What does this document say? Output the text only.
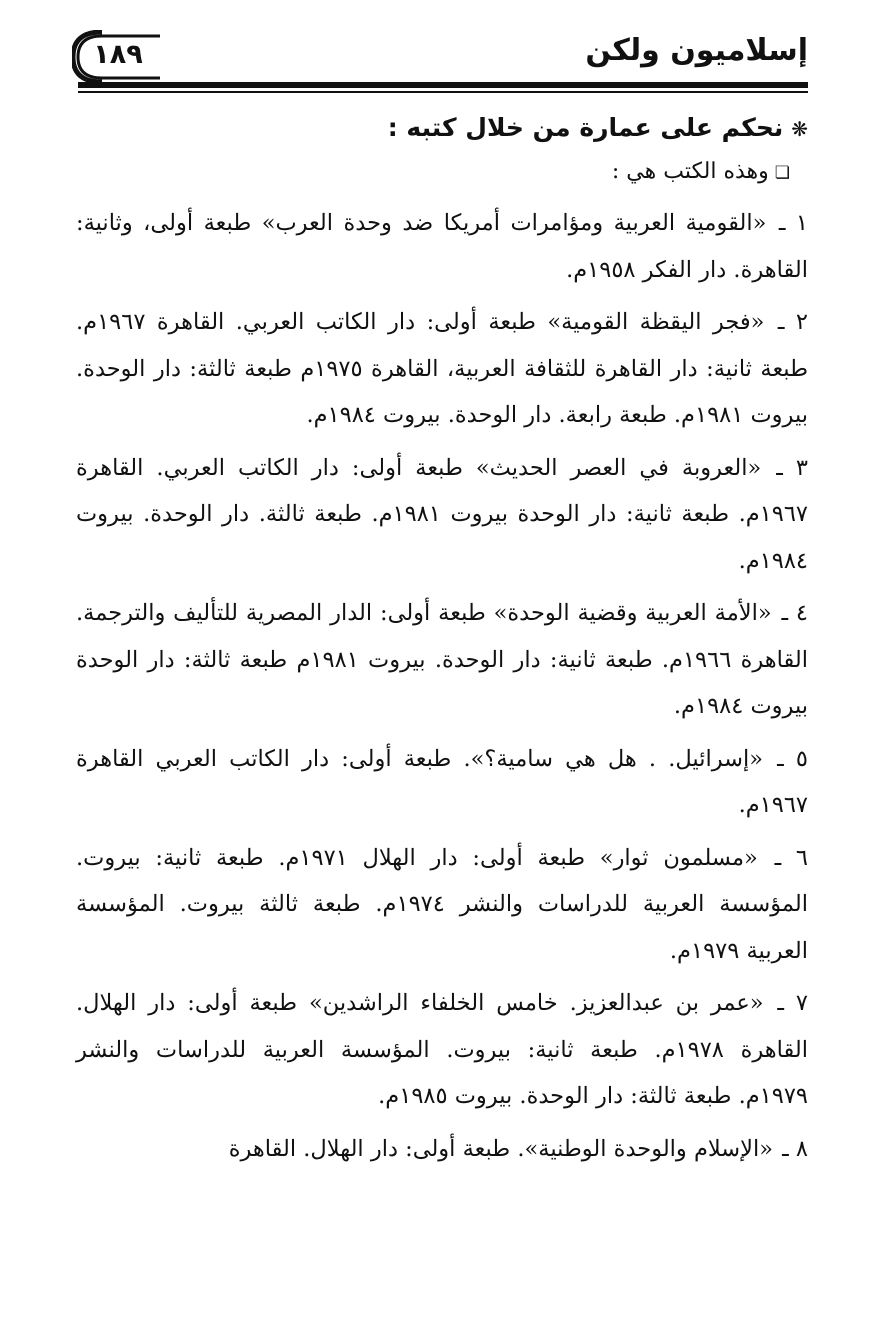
إسلاميون ولكن
١٨٩
❋نحكم على عمارة من خلال كتبه :
❏وهذه الكتب هي :

١ ـ «القومية العربية ومؤامرات أمريكا ضد وحدة العرب» طبعة أولى، وثانية: القاهرة. دار الفكر ١٩٥٨م.

٢ ـ «فجر اليقظة القومية» طبعة أولى: دار الكاتب العربي. القاهرة ١٩٦٧م. طبعة ثانية: دار القاهرة للثقافة العربية، القاهرة ١٩٧٥م طبعة ثالثة: دار الوحدة. بيروت ١٩٨١م. طبعة رابعة. دار الوحدة. بيروت ١٩٨٤م.

٣ ـ «العروبة في العصر الحديث» طبعة أولى: دار الكاتب العربي. القاهرة ١٩٦٧م. طبعة ثانية: دار الوحدة بيروت ١٩٨١م. طبعة ثالثة. دار الوحدة. بيروت ١٩٨٤م.

٤ ـ «الأمة العربية وقضية الوحدة» طبعة أولى: الدار المصرية للتأليف والترجمة. القاهرة ١٩٦٦م. طبعة ثانية: دار الوحدة. بيروت ١٩٨١م طبعة ثالثة: دار الوحدة بيروت ١٩٨٤م.

٥ ـ «إسرائيل. . هل هي سامية؟». طبعة أولى: دار الكاتب العربي القاهرة ١٩٦٧م.

٦ ـ «مسلمون ثوار» طبعة أولى: دار الهلال ١٩٧١م. طبعة ثانية: بيروت. المؤسسة العربية للدراسات والنشر ١٩٧٤م. طبعة ثالثة بيروت. المؤسسة العربية ١٩٧٩م.

٧ ـ «عمر بن عبدالعزيز. خامس الخلفاء الراشدين» طبعة أولى: دار الهلال. القاهرة ١٩٧٨م. طبعة ثانية: بيروت. المؤسسة العربية للدراسات والنشر ١٩٧٩م. طبعة ثالثة: دار الوحدة. بيروت ١٩٨٥م.

٨ ـ «الإسلام والوحدة الوطنية». طبعة أولى: دار الهلال. القاهرة
